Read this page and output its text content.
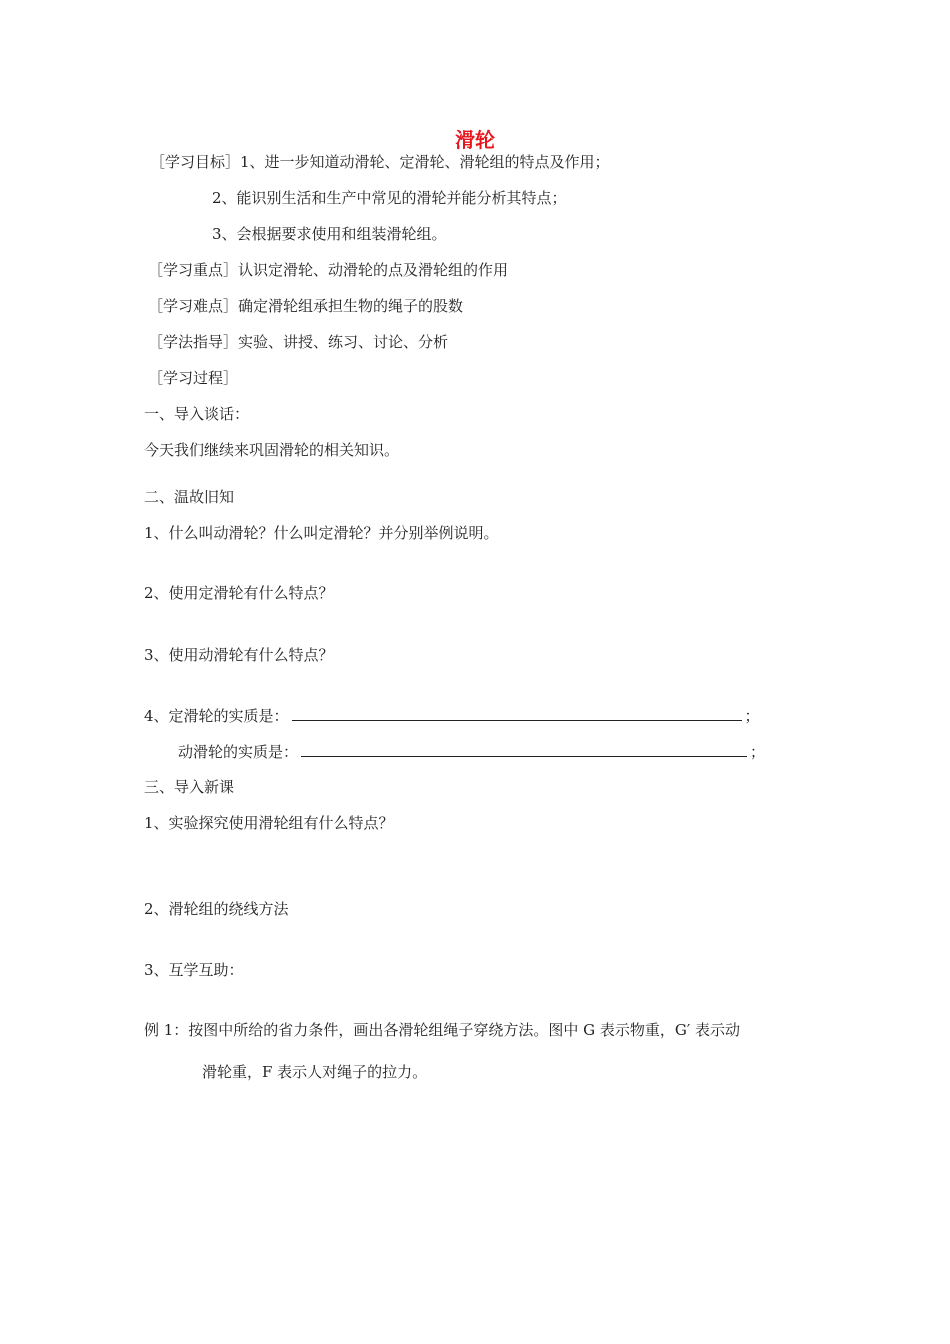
滑轮
［学习目标］1、进一步知道动滑轮、定滑轮、滑轮组的特点及作用；
2、能识别生活和生产中常见的滑轮并能分析其特点；
3、会根据要求使用和组装滑轮组。
［学习重点］认识定滑轮、动滑轮的点及滑轮组的作用
［学习难点］确定滑轮组承担生物的绳子的股数
［学法指导］实验、讲授、练习、讨论、分析
［学习过程］
一、导入谈话：
今天我们继续来巩固滑轮的相关知识。
二、温故旧知
1、什么叫动滑轮？什么叫定滑轮？并分别举例说明。
2、使用定滑轮有什么特点？
3、使用动滑轮有什么特点？
4、定滑轮的实质是：	；
动滑轮的实质是：	；
三、导入新课
1、实验探究使用滑轮组有什么特点？
2、滑轮组的绕线方法
3、互学互助：
例 1：按图中所给的省力条件，画出各滑轮组绳子穿绕方法。图中 G 表示物重，G′ 表示动
滑轮重，F 表示人对绳子的拉力。
